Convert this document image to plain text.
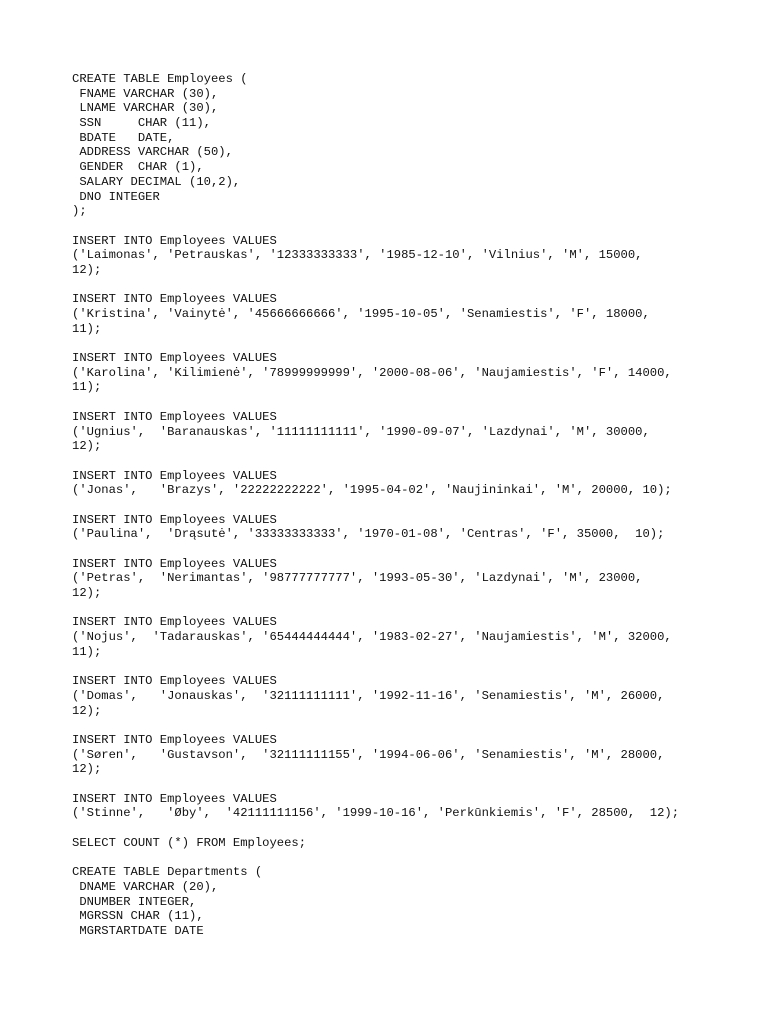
CREATE TABLE Employees (
FNAME VARCHAR (30),
LNAME VARCHAR (30),
SSN     CHAR (11),
BDATE   DATE,
ADDRESS VARCHAR (50),
GENDER  CHAR (1),
SALARY DECIMAL (10,2),
DNO INTEGER
);

INSERT INTO Employees VALUES
('Laimonas', 'Petrauskas', '12333333333', '1985-12-10', 'Vilnius', 'M', 15000,
12);

INSERT INTO Employees VALUES
('Kristina', 'Vainytė', '45666666666', '1995-10-05', 'Senamiestis', 'F', 18000,
11);

INSERT INTO Employees VALUES
('Karolina', 'Kilimienė', '78999999999', '2000-08-06', 'Naujamiestis', 'F', 14000,
11);

INSERT INTO Employees VALUES
('Ugnius',  'Baranauskas', '11111111111', '1990-09-07', 'Lazdynai', 'M', 30000,
12);

INSERT INTO Employees VALUES
('Jonas',   'Brazys', '22222222222', '1995-04-02', 'Naujininkai', 'M', 20000, 10);

INSERT INTO Employees VALUES
('Paulina',  'Drąsutė', '33333333333', '1970-01-08', 'Centras', 'F', 35000,  10);

INSERT INTO Employees VALUES
('Petras',  'Nerimantas', '98777777777', '1993-05-30', 'Lazdynai', 'M', 23000,
12);

INSERT INTO Employees VALUES
('Nojus',  'Tadarauskas', '65444444444', '1983-02-27', 'Naujamiestis', 'M', 32000,
11);

INSERT INTO Employees VALUES
('Domas',   'Jonauskas',  '32111111111', '1992-11-16', 'Senamiestis', 'M', 26000,
12);

INSERT INTO Employees VALUES
('Søren',   'Gustavson',  '32111111155', '1994-06-06', 'Senamiestis', 'M', 28000,
12);

INSERT INTO Employees VALUES
('Stinne',   'Øby',  '42111111156', '1999-10-16', 'Perkūnkiemis', 'F', 28500,  12);

SELECT COUNT (*) FROM Employees;

CREATE TABLE Departments (
DNAME VARCHAR (20),
DNUMBER INTEGER,
MGRSSN CHAR (11),
MGRSTARTDATE DATE
